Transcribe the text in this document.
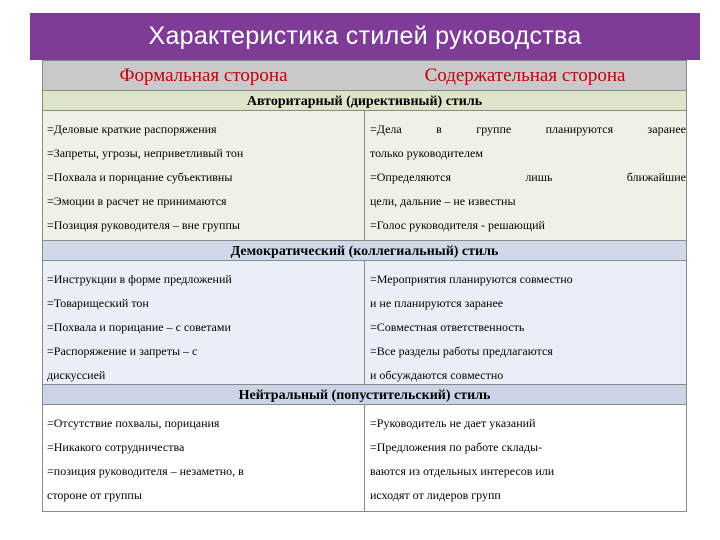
Характеристика стилей руководства
Формальная сторона	Содержательная сторона
Авторитарный (директивный) стиль
=Деловые краткие распоряжения
=Запреты, угрозы, неприветливый тон
=Похвала и порицание субъективны
=Эмоции в расчет не принимаются
=Позиция руководителя – вне группы
=Дела в группе планируются заранее
только руководителем
=Определяются лишь ближайшие
цели, дальние – не известны
=Голос руководителя - решающий
Демократический (коллегиальный) стиль
=Инструкции в форме предложений
=Товарищеский тон
=Похвала и порицание – с советами
=Распоряжение и запреты – с
дискуссией
=Мероприятия планируются совместно
и не планируются заранее
=Совместная ответственность
=Все разделы работы предлагаются
и обсуждаются совместно
Нейтральный (попустительский) стиль
=Отсутствие похвалы, порицания
=Никакого сотрудничества
=позиция руководителя – незаметно, в
стороне от группы
=Руководитель не дает указаний
=Предложения по работе склады-
ваются из отдельных интересов или
исходят от лидеров групп
